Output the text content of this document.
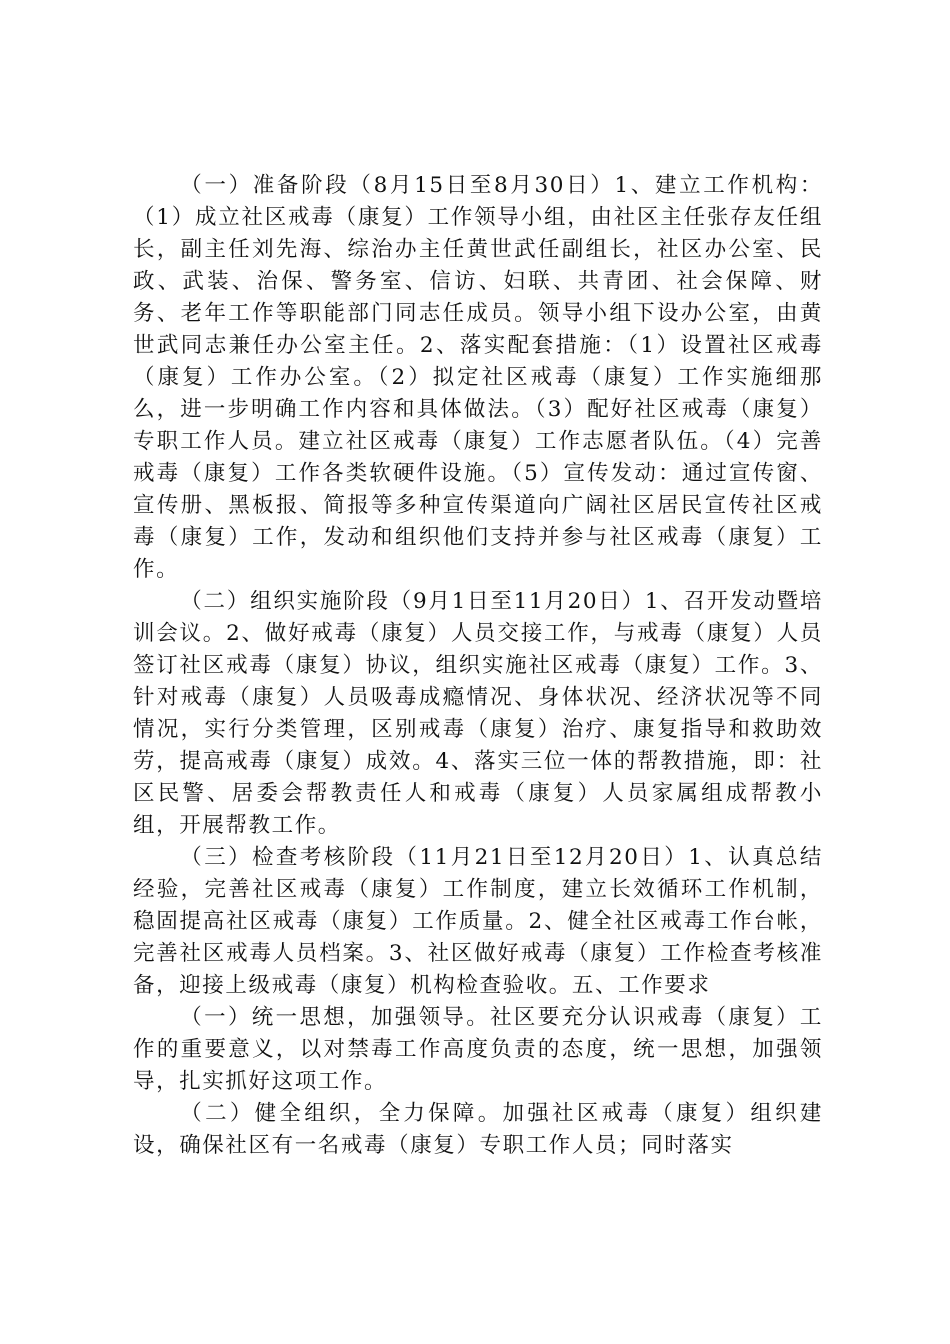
（一）准备阶段（8月15日至8月30日）1、建立工作机构：（1）成立社区戒毒（康复）工作领导小组，由社区主任张存友任组长，副主任刘先海、综治办主任黄世武任副组长，社区办公室、民政、武装、治保、警务室、信访、妇联、共青团、社会保障、财务、老年工作等职能部门同志任成员。领导小组下设办公室，由黄世武同志兼任办公室主任。2、落实配套措施：（1）设置社区戒毒（康复）工作办公室。（2）拟定社区戒毒（康复）工作实施细那么，进一步明确工作内容和具体做法。（3）配好社区戒毒（康复）专职工作人员。建立社区戒毒（康复）工作志愿者队伍。（4）完善戒毒（康复）工作各类软硬件设施。（5）宣传发动：通过宣传窗、宣传册、黑板报、简报等多种宣传渠道向广阔社区居民宣传社区戒毒（康复）工作，发动和组织他们支持并参与社区戒毒（康复）工作。

（二）组织实施阶段（9月1日至11月20日）1、召开发动暨培训会议。2、做好戒毒（康复）人员交接工作，与戒毒（康复）人员签订社区戒毒（康复）协议，组织实施社区戒毒（康复）工作。3、针对戒毒（康复）人员吸毒成瘾情况、身体状况、经济状况等不同情况，实行分类管理，区别戒毒（康复）治疗、康复指导和救助效劳，提高戒毒（康复）成效。4、落实三位一体的帮教措施，即：社区民警、居委会帮教责任人和戒毒（康复）人员家属组成帮教小组，开展帮教工作。

（三）检查考核阶段（11月21日至12月20日）1、认真总结经验，完善社区戒毒（康复）工作制度，建立长效循环工作机制，稳固提高社区戒毒（康复）工作质量。2、健全社区戒毒工作台帐，完善社区戒毒人员档案。3、社区做好戒毒（康复）工作检查考核准备，迎接上级戒毒（康复）机构检查验收。五、工作要求

（一）统一思想，加强领导。社区要充分认识戒毒（康复）工作的重要意义，以对禁毒工作高度负责的态度，统一思想，加强领导，扎实抓好这项工作。

（二）健全组织，全力保障。加强社区戒毒（康复）组织建设，确保社区有一名戒毒（康复）专职工作人员；同时落实
